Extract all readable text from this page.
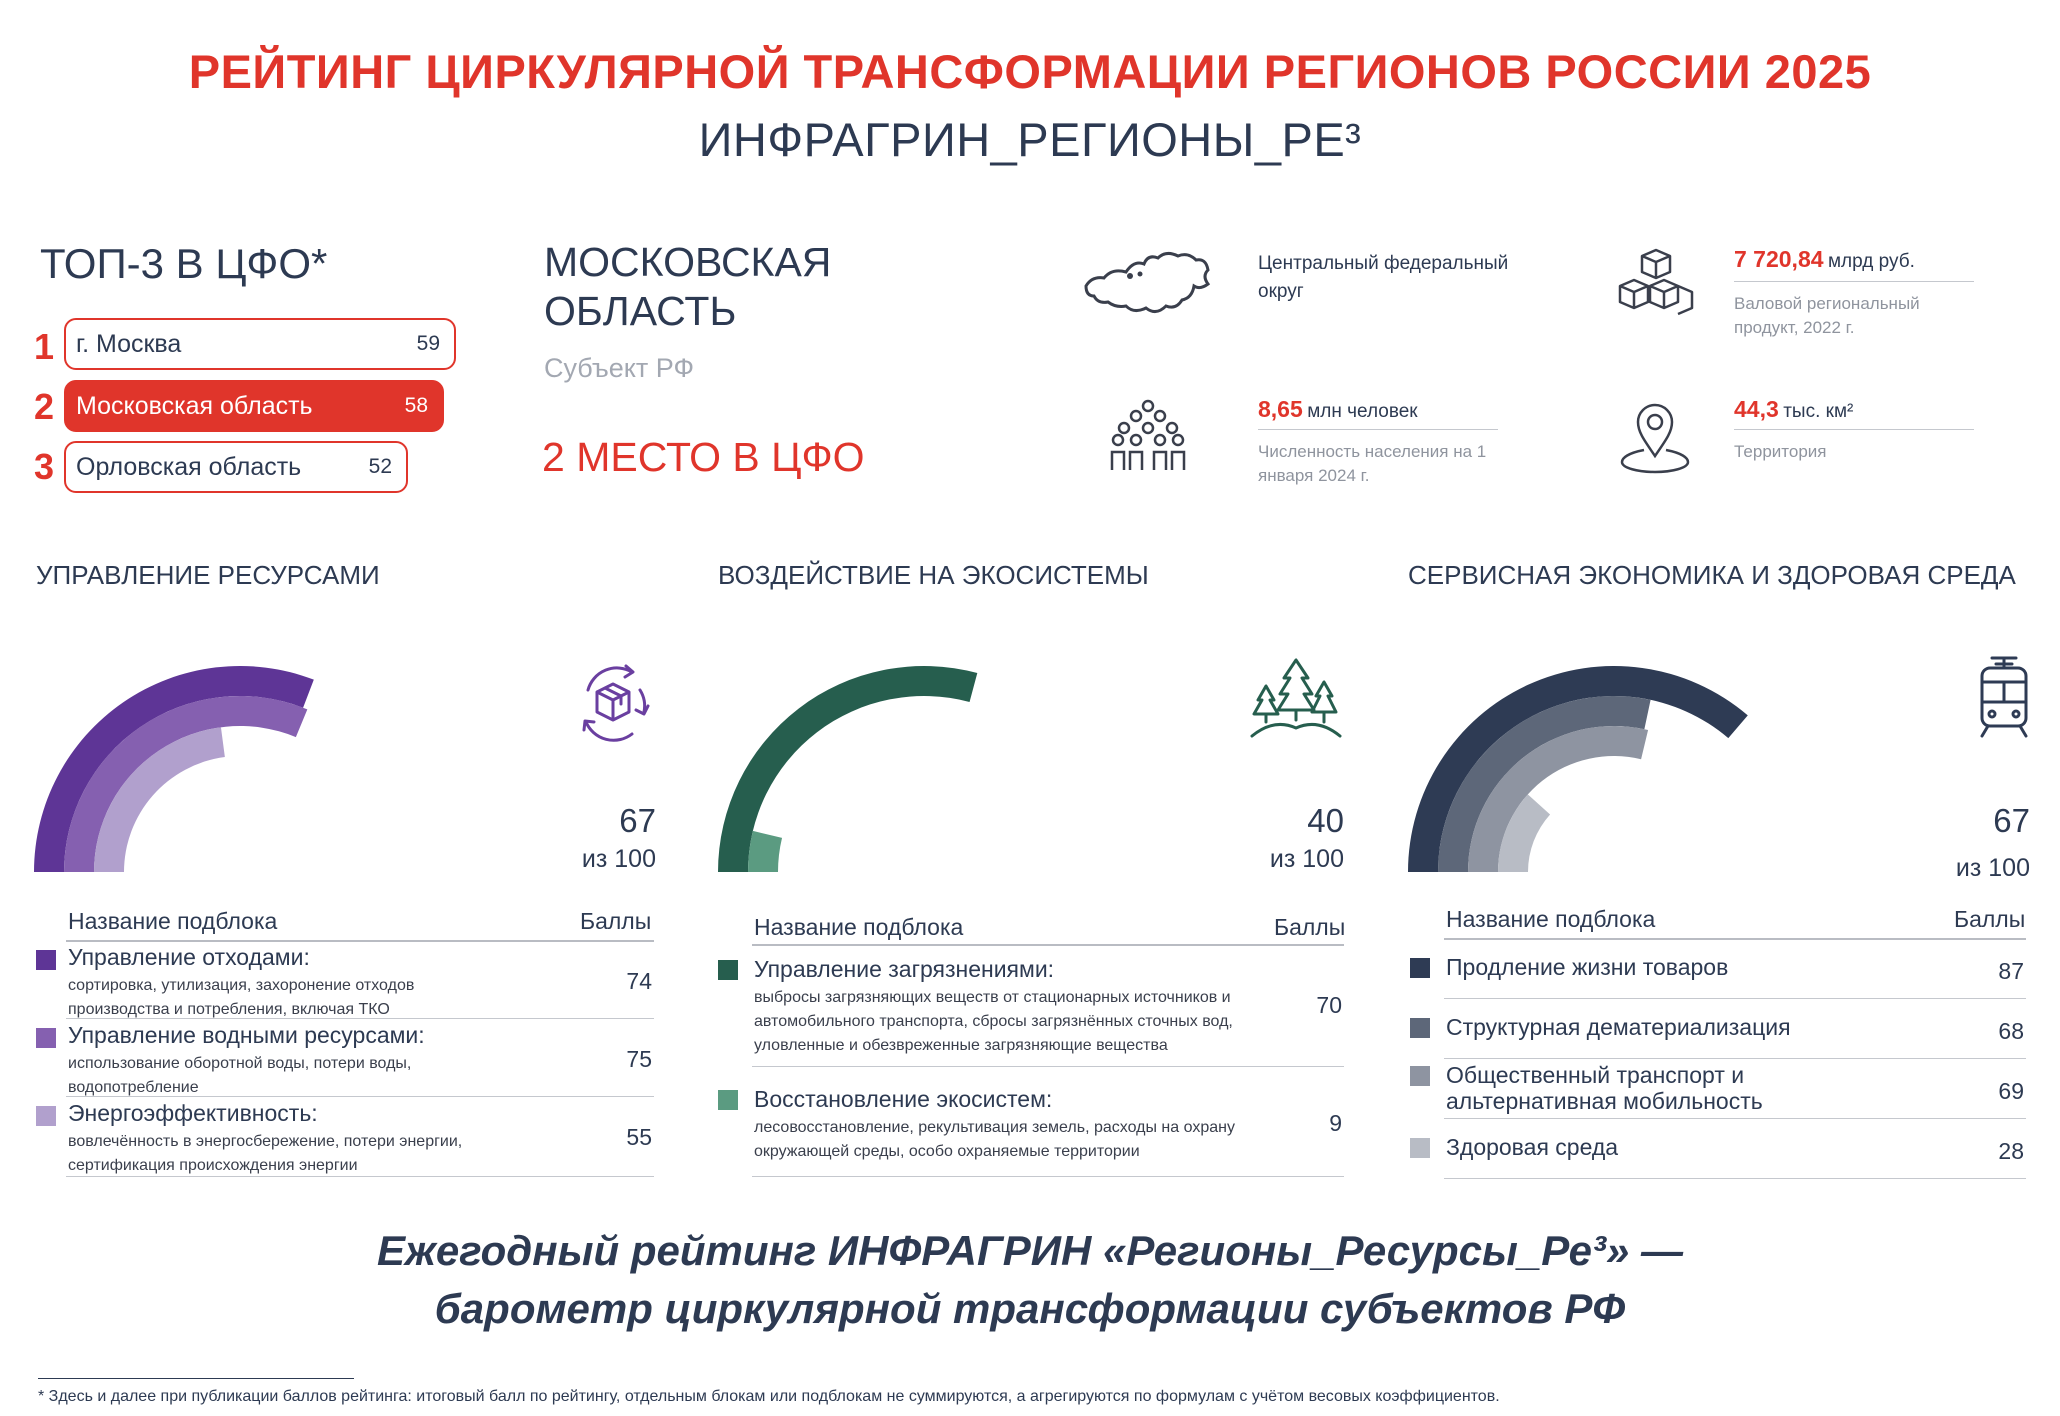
РЕЙТИНГ ЦИРКУЛЯРНОЙ ТРАНСФОРМАЦИИ РЕГИОНОВ РОССИИ 2025
ИНФРАГРИН_РЕГИОНЫ_РЕ³
ТОП-3 В ЦФО*
1 г. Москва	59
2 Московская область	58
3 Орловская область	52
МОСКОВСКАЯ ОБЛАСТЬ
Субъект РФ
2 МЕСТО В ЦФО
Центральный федеральный округ
8,65 млн человек
Численность населения на 1 января 2024 г.
7 720,84 млрд руб.
Валовой региональный продукт, 2022 г.
44,3 тыс. км²
Территория
УПРАВЛЕНИЕ РЕСУРСАМИ	ВОЗДЕЙСТВИЕ НА ЭКОСИСТЕМЫ	СЕРВИСНАЯ ЭКОНОМИКА И ЗДОРОВАЯ СРЕДА
67
из 100
40
из 100
67
из 100
Название подблока	Баллы
Управление отходами:
сортировка, утилизация, захоронение отходов производства и потребления, включая ТКО
74
Управление водными ресурсами:
использование оборотной воды, потери воды, водопотребление
75
Энергоэффективность:
вовлечённость в энергосбережение, потери энергии, сертификация происхождения энергии
55
Название подблока	Баллы
Управление загрязнениями:
выбросы загрязняющих веществ от стационарных источников и автомобильного транспорта, сбросы загрязнённых сточных вод, уловленные и обезвреженные загрязняющие вещества
70
Восстановление экосистем:
лесовосстановление, рекультивация земель, расходы на охрану окружающей среды, особо охраняемые территории
9
Название подблока	Баллы
Продление жизни товаров	87
Структурная дематериализация	68
Общественный транспорт и альтернативная мобильность	69
Здоровая среда	28
Ежегодный рейтинг ИНФРАГРИН «Регионы_Ресурсы_Ре³» —
барометр циркулярной трансформации субъектов РФ
* Здесь и далее при публикации баллов рейтинга: итоговый балл по рейтингу, отдельным блокам или подблокам не суммируются, а агрегируются по формулам с учётом весовых коэффициентов.
